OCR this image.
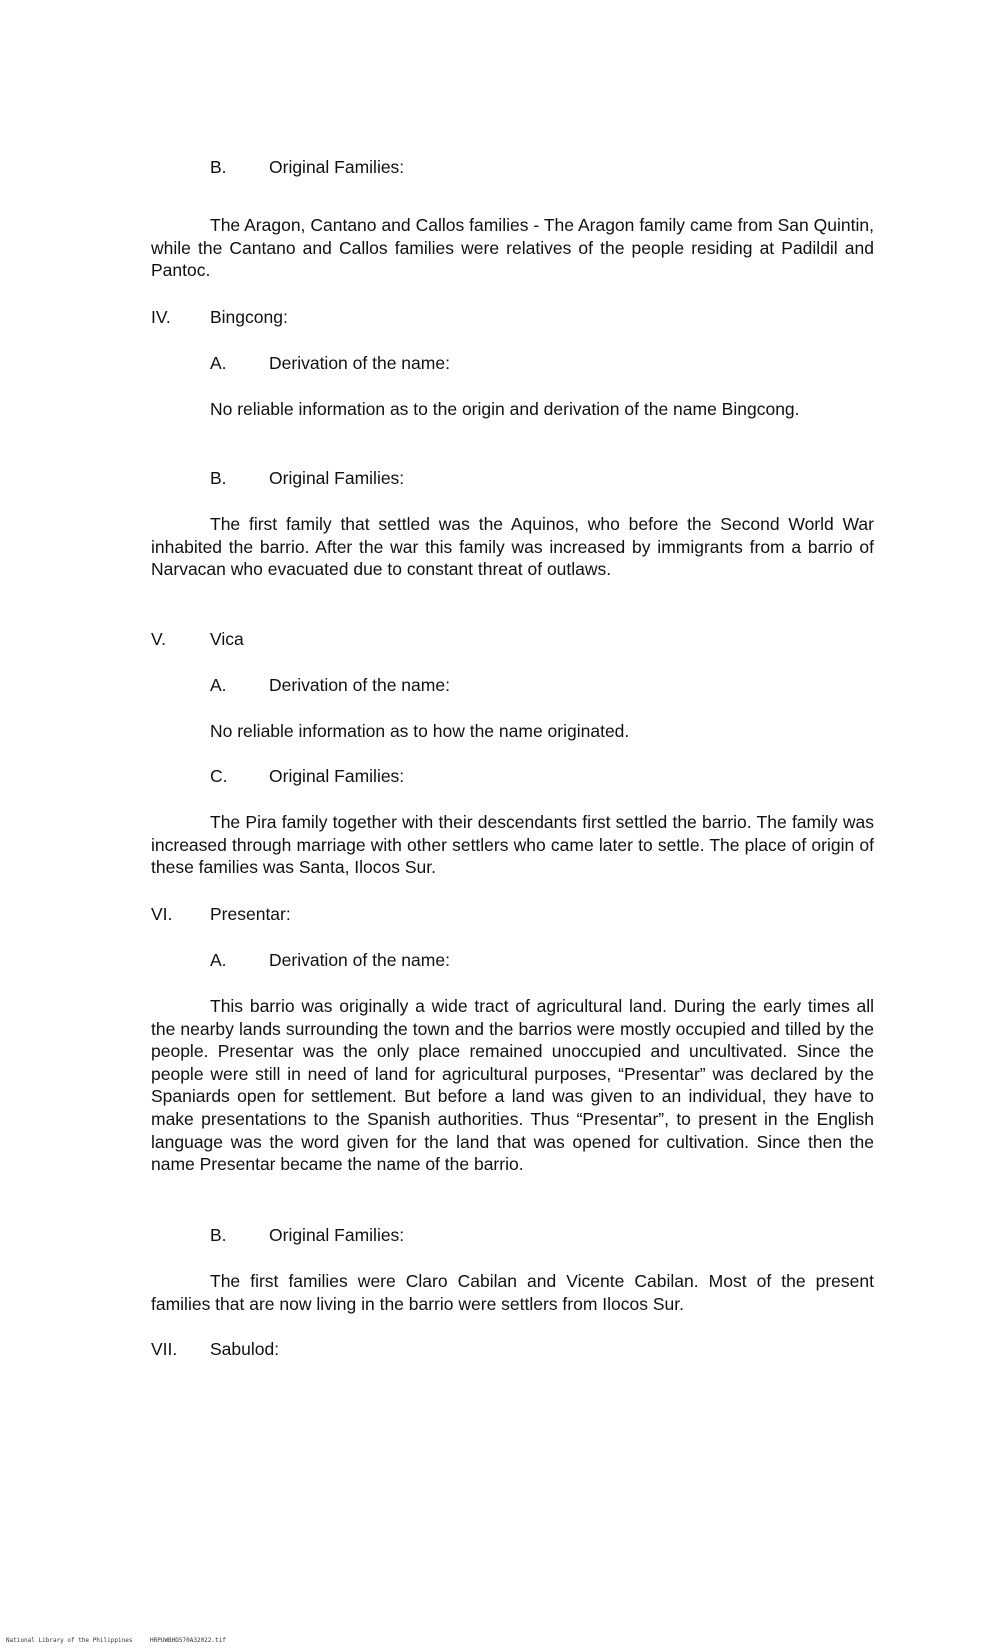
B. Original Families:

The Aragon, Cantano and Callos families - The Aragon family came from San Quintin, while the Cantano and Callos families were relatives of the people residing at Padildil and Pantoc.

IV. Bingcong:
A. Derivation of the name:

No reliable information as to the origin and derivation of the name Bingcong.

B. Original Families:

The first family that settled was the Aquinos, who before the Second World War inhabited the barrio. After the war this family was increased by immigrants from a barrio of Narvacan who evacuated due to constant threat of outlaws.

V.	Vica
A. Derivation of the name:

No reliable information as to how the name originated.

C. Original Families:

The Pira family together with their descendants first settled the barrio. The family was increased through marriage with other settlers who came later to settle. The place of origin of these families was Santa, Ilocos Sur.

VI. Presentar:
A. Derivation of the name:

This barrio was originally a wide tract of agricultural land. During the early times all the nearby lands surrounding the town and the barrios were mostly occupied and tilled by the people. Presentar was the only place remained unoccupied and uncultivated. Since the people were still in need of land for agricultural purposes, “Presentar” was declared by the Spaniards open for settlement. But before a land was given to an individual, they have to make presentations to the Spanish authorities. Thus “Presentar”, to present in the English language was the word given for the land that was opened for cultivation. Since then the name Presentar became the name of the barrio.

B. Original Families:

The first families were Claro Cabilan and Vicente Cabilan. Most of the present families that are now living in the barrio were settlers from Ilocos Sur.

VII. Sabulod:
National Library of the Philippines	HRPUWBHD570A32022.tif
